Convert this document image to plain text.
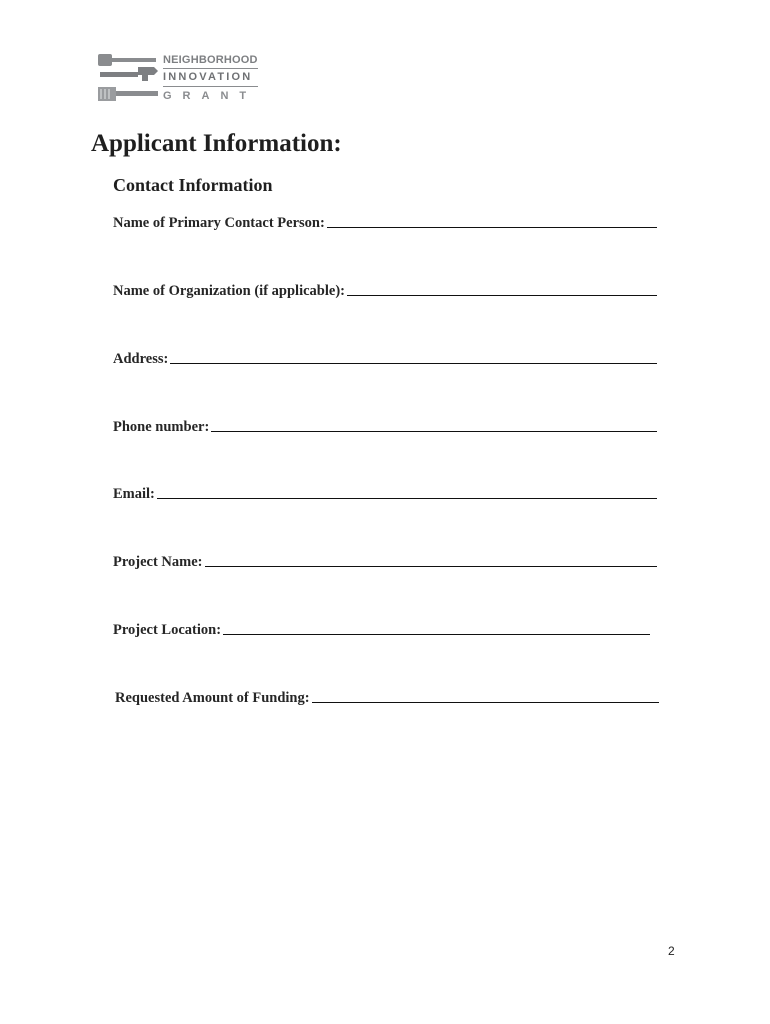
NEIGHBORHOOD
INNOVATION
GRANT
Applicant Information:
Contact Information
Name of Primary Contact Person:
Name of Organization (if applicable):
Address:
Phone number:
Email:
Project Name:
Project Location:
Requested Amount of Funding:
2
